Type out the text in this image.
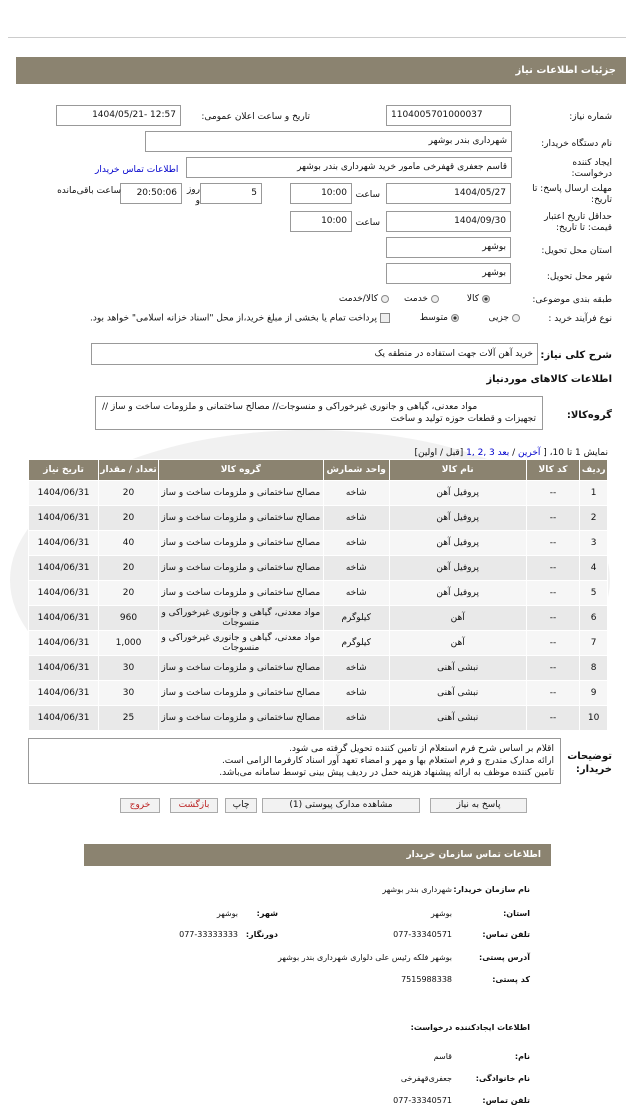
جزئیات اطلاعات نیاز
شماره نیاز:
1104005701000037
تاریخ و ساعت اعلان عمومی:
1404/05/21- 12:57
نام دستگاه خریدار:
شهرداری بندر بوشهر
ایجاد کننده درخواست:
قاسم جعفری قهفرخی مامور خرید شهرداری بندر بوشهر
اطلاعات تماس خریدار
مهلت ارسال پاسخ: تا تاریخ:
1404/05/27
ساعت
10:00
5
روز و
20:50:06
ساعت باقی‌مانده
حداقل تاریخ اعتبار قیمت: تا تاریخ:
1404/09/30
ساعت
10:00
استان محل تحویل:
بوشهر
شهر محل تحویل:
بوشهر
طبقه بندی موضوعی:
کالا
خدمت
کالا/خدمت
نوع فرآیند خرید :
جزیی
متوسط
پرداخت تمام یا بخشی از مبلغ خرید،از محل "اسناد خزانه اسلامی" خواهد بود.
شرح کلی نیاز:
خرید آهن آلات جهت استفاده در منطقه یک
اطلاعات کالاهای موردنیاز
گروه‌کالا:
مواد معدنی، گیاهی و جانوری غیرخوراکی و منسوجات// مصالح ساختمانی و ملزومات ساخت و ساز //
تجهیزات و قطعات حوزه تولید و ساخت
نمایش 1 تا 10، [ آخرین / بعد 3 ,2 ,1 [قبل / اولین]
ردیف	کد کالا	نام کالا	واحد شمارش	گروه کالا	تعداد / مقدار	تاریخ نیاز
1	--	پروفیل آهن	شاخه	مصالح ساختمانی و ملزومات ساخت و ساز	20	1404/06/31
2	--	پروفیل آهن	شاخه	مصالح ساختمانی و ملزومات ساخت و ساز	20	1404/06/31
3	--	پروفیل آهن	شاخه	مصالح ساختمانی و ملزومات ساخت و ساز	40	1404/06/31
4	--	پروفیل آهن	شاخه	مصالح ساختمانی و ملزومات ساخت و ساز	20	1404/06/31
5	--	پروفیل آهن	شاخه	مصالح ساختمانی و ملزومات ساخت و ساز	20	1404/06/31
6	--	آهن	کیلوگرم	مواد معدنی، گیاهی و جانوری غیرخوراکی و منسوجات	960	1404/06/31
7	--	آهن	کیلوگرم	مواد معدنی، گیاهی و جانوری غیرخوراکی و منسوجات	1,000	1404/06/31
8	--	نبشی آهنی	شاخه	مصالح ساختمانی و ملزومات ساخت و ساز	30	1404/06/31
9	--	نبشی آهنی	شاخه	مصالح ساختمانی و ملزومات ساخت و ساز	30	1404/06/31
10	--	نبشی آهنی	شاخه	مصالح ساختمانی و ملزومات ساخت و ساز	25	1404/06/31
توضیحات خریدار:
اقلام بر اساس شرح فرم استعلام از تامین کننده تحویل گرفته می شود.
ارائه مدارک مندرج و فرم استعلام بها و مهر و امضاء تعهد آور اسناد کارفرما الزامی است.
تامین کننده موظف به ارائه پیشنهاد هزینه حمل در ردیف پیش بینی توسط سامانه می‌باشد.
پاسخ به نیاز
مشاهده مدارک پیوستی (1)
چاپ
بازگشت
خروج
اطلاعات تماس سازمان خریدار
نام سازمان خریدار:
شهرداری بندر بوشهر
استان:
بوشهر
شهر:
بوشهر
تلفن تماس:
077-33340571
دورنگار:
077-33333333
آدرس پستی:
بوشهر فلکه رئیس علی دلواری شهرداری بندر بوشهر
کد پستی:
7515988338
اطلاعات ایجادکننده درخواست:
نام:
قاسم
نام خانوادگی:
جعفری‌قهفرخی
تلفن تماس:
077-33340571
